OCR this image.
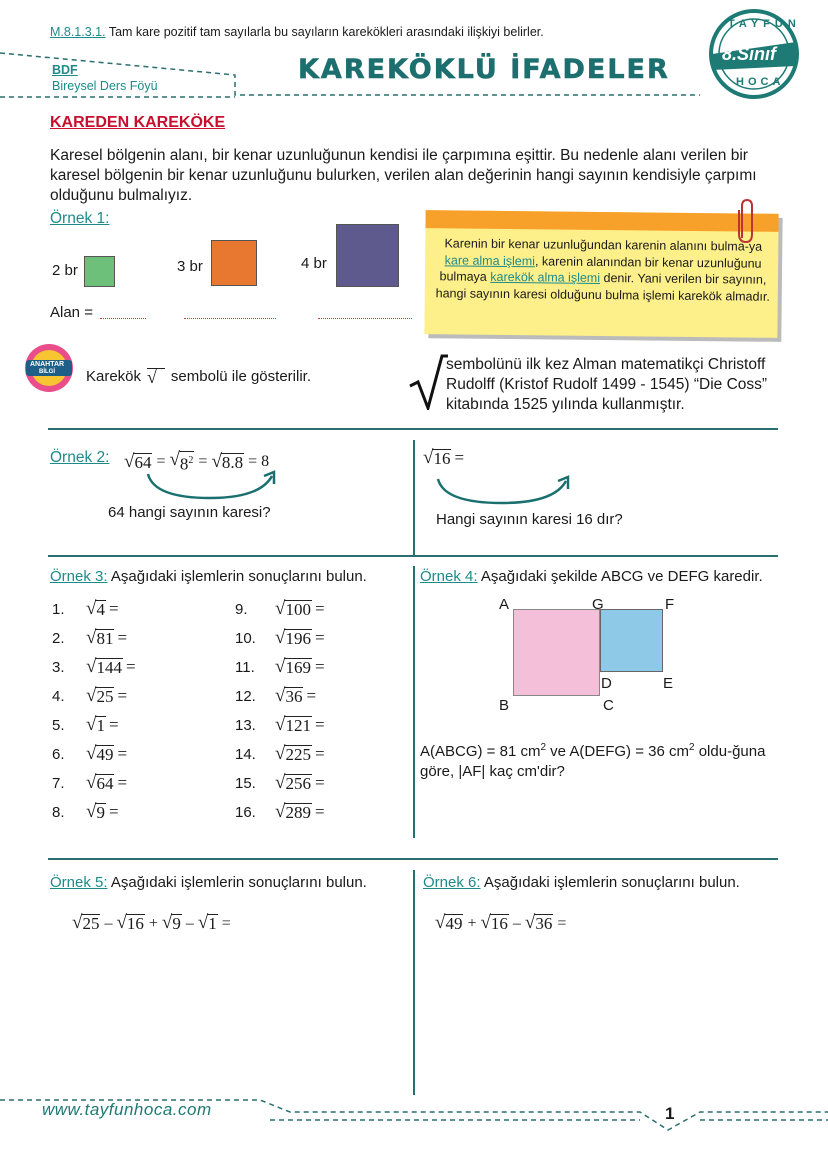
M.8.1.3.1. Tam kare pozitif tam sayılarla bu sayıların karekökleri arasındaki ilişkiyi belirler.
BDF
Bireysel Ders Föyü
KAREKÖKLÜ İFADELER
TAYFUN
8.Sınıf
HOCA
KAREDEN KAREKÖKE
Karesel bölgenin alanı, bir kenar uzunluğunun kendisi ile çarpımına eşittir. Bu nedenle alanı verilen bir karesel bölgenin bir kenar uzunluğunu bulurken, verilen alan değerinin hangi sayının kendisiyle çarpımı olduğunu bulmalıyız.
Örnek 1:
2 br	3 br	4 br
Alan =
Karenin bir kenar uzunluğundan karenin alanını bulma-ya kare alma işlemi, karenin alanından bir kenar uzunluğunu bulmaya karekök alma işlemi denir. Yani verilen bir sayının, hangi sayının karesi olduğunu bulma işlemi karekök almadır.
ANAHTAR
BİLGİ Karekök √ sembolü ile gösterilir.
sembolünü ilk kez Alman matematikçi Christoff Rudolff (Kristof Rudolf 1499 - 1545) “Die Coss” kitabında 1525 yılında kullanmıştır.
Örnek 2: √ 64 = √ $8^2$ = √ 8.8 = 8
64 hangi sayının karesi?
√ 16 =
Hangi sayının karesi 16 dır?
Örnek 3: Aşağıdaki işlemlerin sonuçlarını bulun.
1.	√ 4 =
2.	√ 81 =
3.	√ 144 =
4.	√ 25 =
5.	√ 1 =
6.	√ 49 =
7.	√ 64 =
8.	√ 9 =
9.	√ 100 =
10.	√ 196 =
11.	√ 169 =
12.	√ 36 =
13.	√ 121 =
14.	√ 225 =
15.	√ 256 =
16.	√ 289 =
Örnek 4: Aşağıdaki şekilde ABCG ve DEFG karedir.
A	G	F
D	E
B	C
A(ABCG) = 81 $cm^2$ ve A(DEFG) = 36 $cm^2$ oldu-ğuna göre, |AF| kaç cm'dir?
Örnek 5: Aşağıdaki işlemlerin sonuçlarını bulun.
√ 25 – √ 16 + √ 9 – √ 1 =
Örnek 6: Aşağıdaki işlemlerin sonuçlarını bulun.
√ 49 + √ 16 – √ 36 =
www.tayfunhoca.com	1
